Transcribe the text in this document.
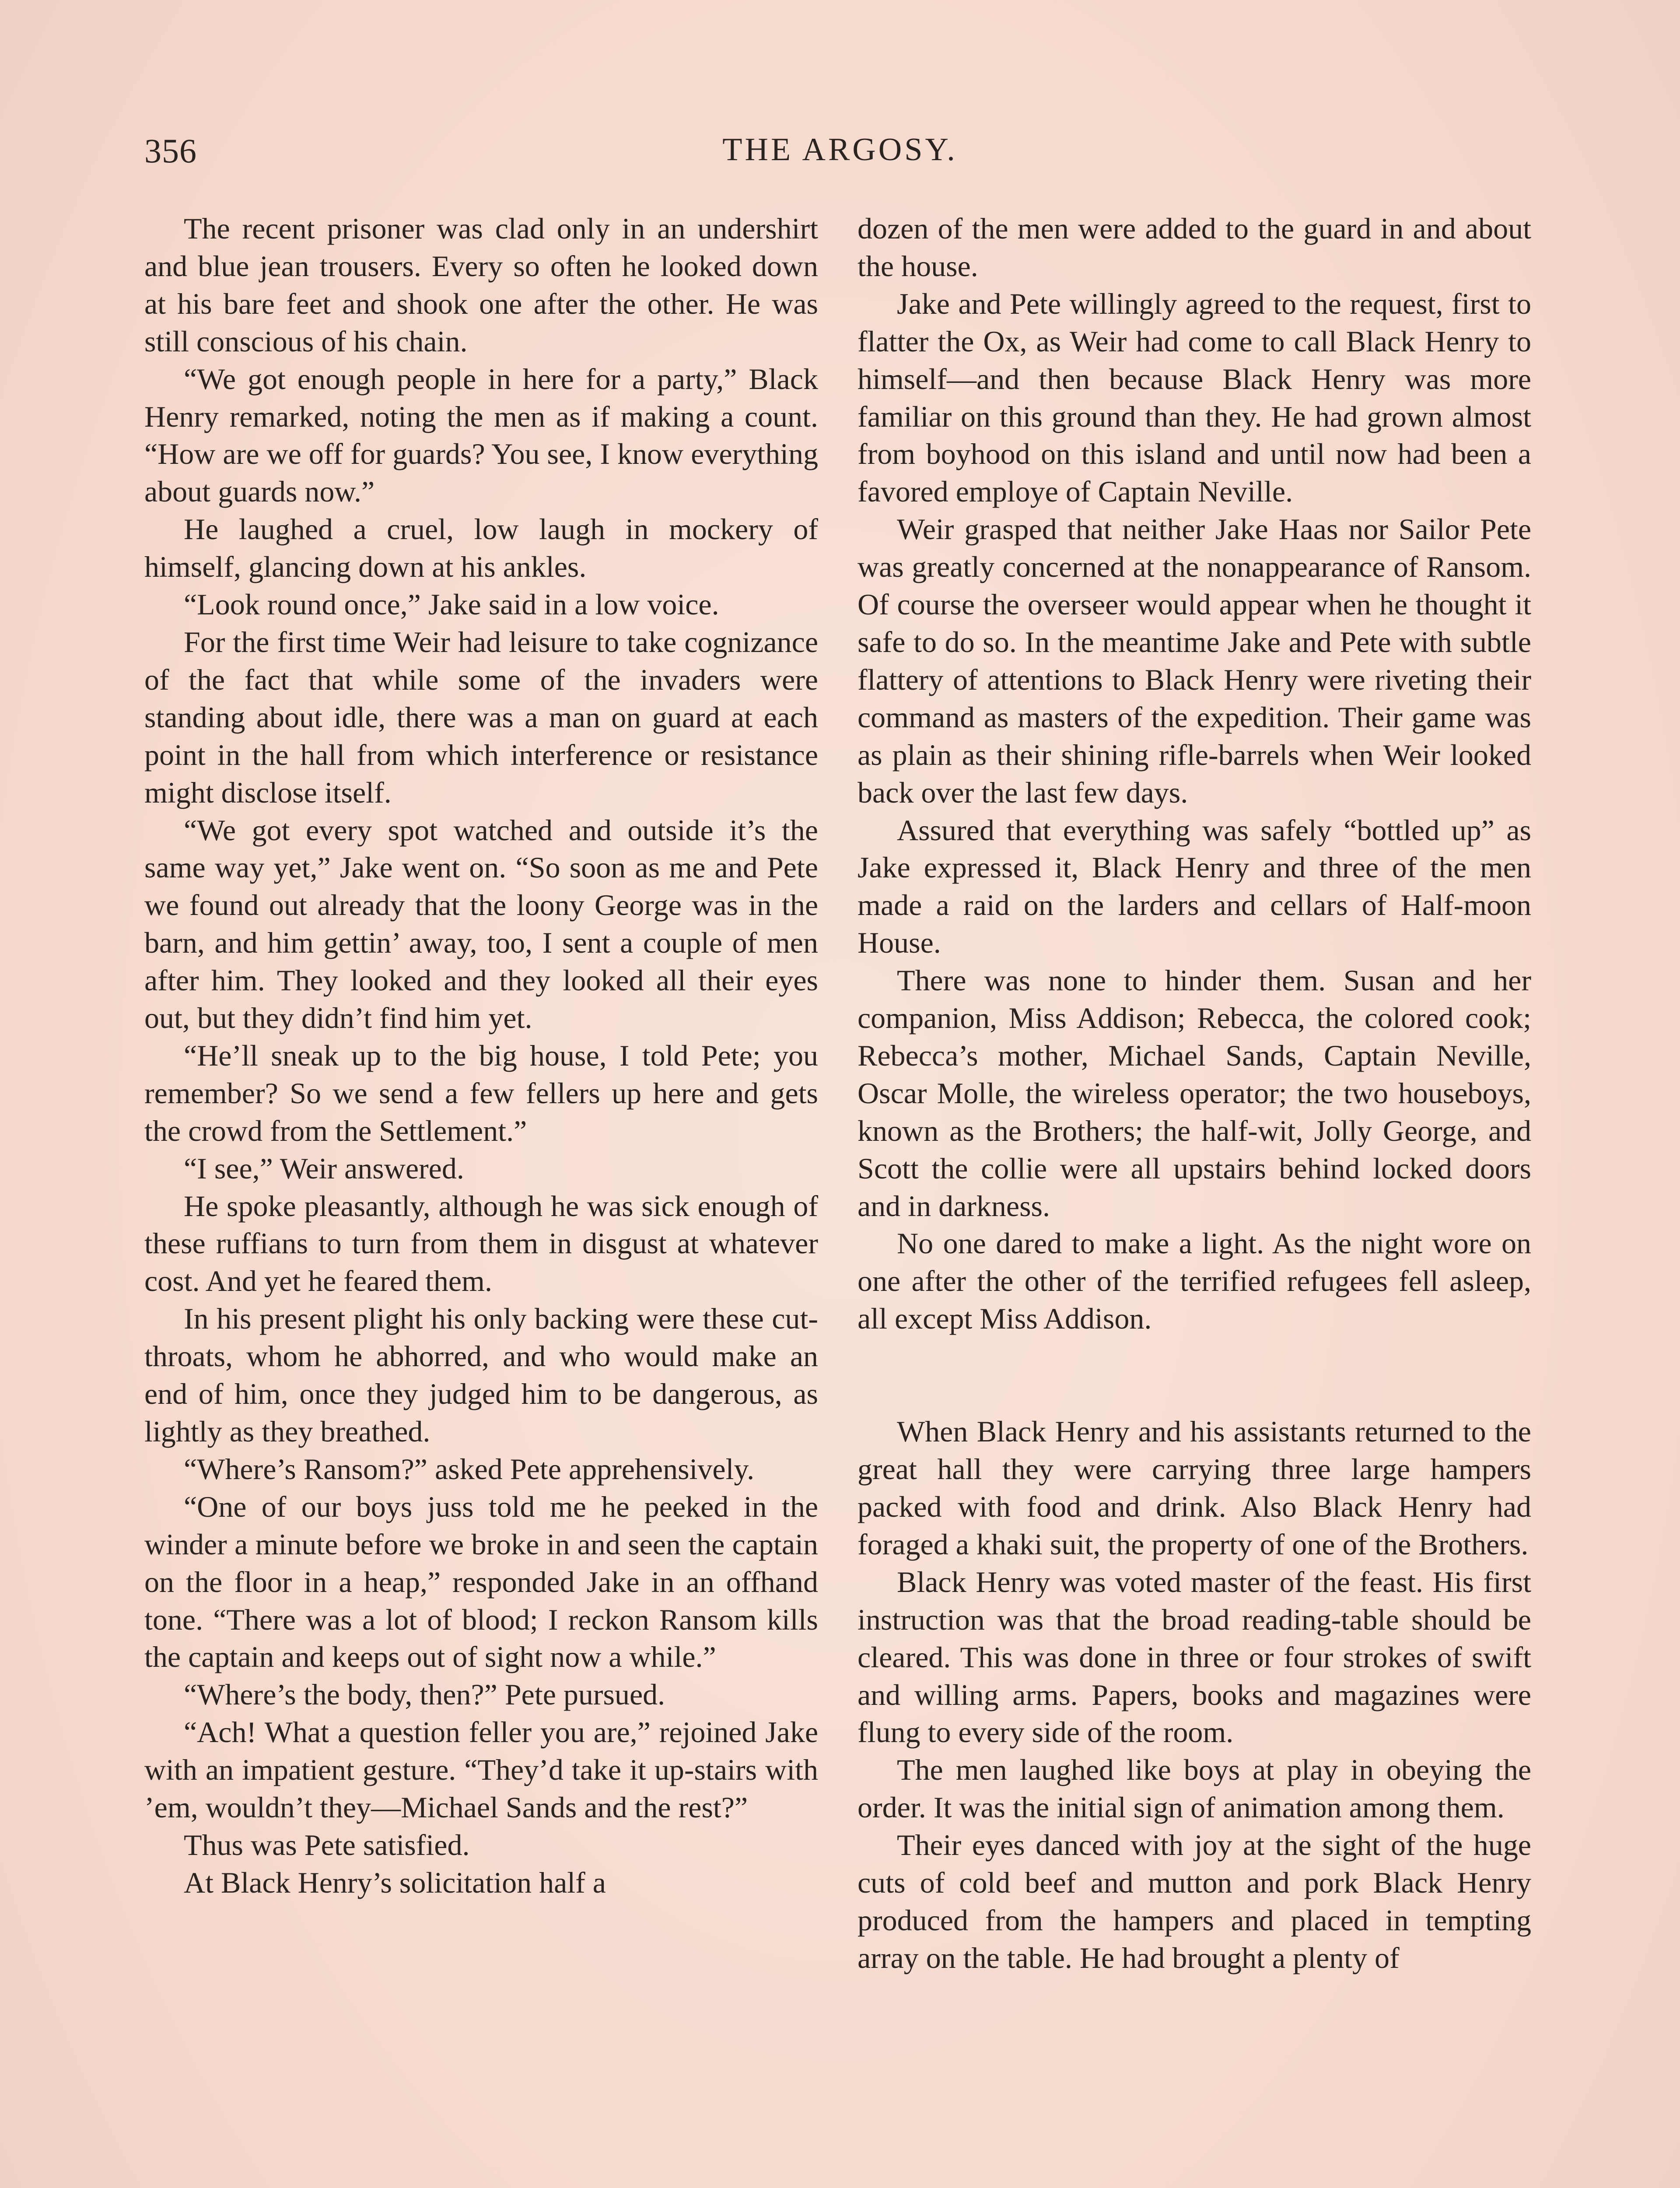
356	THE ARGOSY.

The recent prisoner was clad only in an undershirt and blue jean trousers. Every so often he looked down at his bare feet and shook one after the other. He was still conscious of his chain.

“We got enough people in here for a party,” Black Henry remarked, noting the men as if making a count. “How are we off for guards? You see, I know everything about guards now.”

He laughed a cruel, low laugh in mockery of himself, glancing down at his ankles.

“Look round once,” Jake said in a low voice.

For the first time Weir had leisure to take cognizance of the fact that while some of the invaders were standing about idle, there was a man on guard at each point in the hall from which interference or resistance might disclose itself.

“We got every spot watched and outside it’s the same way yet,” Jake went on. “So soon as me and Pete we found out already that the loony George was in the barn, and him gettin’ away, too, I sent a couple of men after him. They looked and they looked all their eyes out, but they didn’t find him yet.

“He’ll sneak up to the big house, I told Pete; you remember? So we send a few fellers up here and gets the crowd from the Settlement.”

“I see,” Weir answered.

He spoke pleasantly, although he was sick enough of these ruffians to turn from them in disgust at whatever cost. And yet he feared them.

In his present plight his only backing were these cut-throats, whom he abhorred, and who would make an end of him, once they judged him to be dangerous, as lightly as they breathed.

“Where’s Ransom?” asked Pete apprehensively.

“One of our boys juss told me he peeked in the winder a minute before we broke in and seen the captain on the floor in a heap,” responded Jake in an offhand tone. “There was a lot of blood; I reckon Ransom kills the captain and keeps out of sight now a while.”

“Where’s the body, then?” Pete pursued.

“Ach! What a question feller you are,” rejoined Jake with an impatient gesture. “They’d take it up-stairs with ’em, wouldn’t they—Michael Sands and the rest?”

Thus was Pete satisfied.

At Black Henry’s solicitation half a

dozen of the men were added to the guard in and about the house.

Jake and Pete willingly agreed to the request, first to flatter the Ox, as Weir had come to call Black Henry to himself—and then because Black Henry was more familiar on this ground than they. He had grown almost from boyhood on this island and until now had been a favored employe of Captain Neville.

Weir grasped that neither Jake Haas nor Sailor Pete was greatly concerned at the nonappearance of Ransom. Of course the overseer would appear when he thought it safe to do so. In the meantime Jake and Pete with subtle flattery of attentions to Black Henry were riveting their command as masters of the expedition. Their game was as plain as their shining rifle-barrels when Weir looked back over the last few days.

Assured that everything was safely “bottled up” as Jake expressed it, Black Henry and three of the men made a raid on the larders and cellars of Half-moon House.

There was none to hinder them. Susan and her companion, Miss Addison; Rebecca, the colored cook; Rebecca’s mother, Michael Sands, Captain Neville, Oscar Molle, the wireless operator; the two houseboys, known as the Brothers; the half-wit, Jolly George, and Scott the collie were all upstairs behind locked doors and in darkness.

No one dared to make a light. As the night wore on one after the other of the terrified refugees fell asleep, all except Miss Addison.

When Black Henry and his assistants returned to the great hall they were carrying three large hampers packed with food and drink. Also Black Henry had foraged a khaki suit, the property of one of the Brothers.

Black Henry was voted master of the feast. His first instruction was that the broad reading-table should be cleared. This was done in three or four strokes of swift and willing arms. Papers, books and magazines were flung to every side of the room.

The men laughed like boys at play in obeying the order. It was the initial sign of animation among them.

Their eyes danced with joy at the sight of the huge cuts of cold beef and mutton and pork Black Henry produced from the hampers and placed in tempting array on the table. He had brought a plenty of
